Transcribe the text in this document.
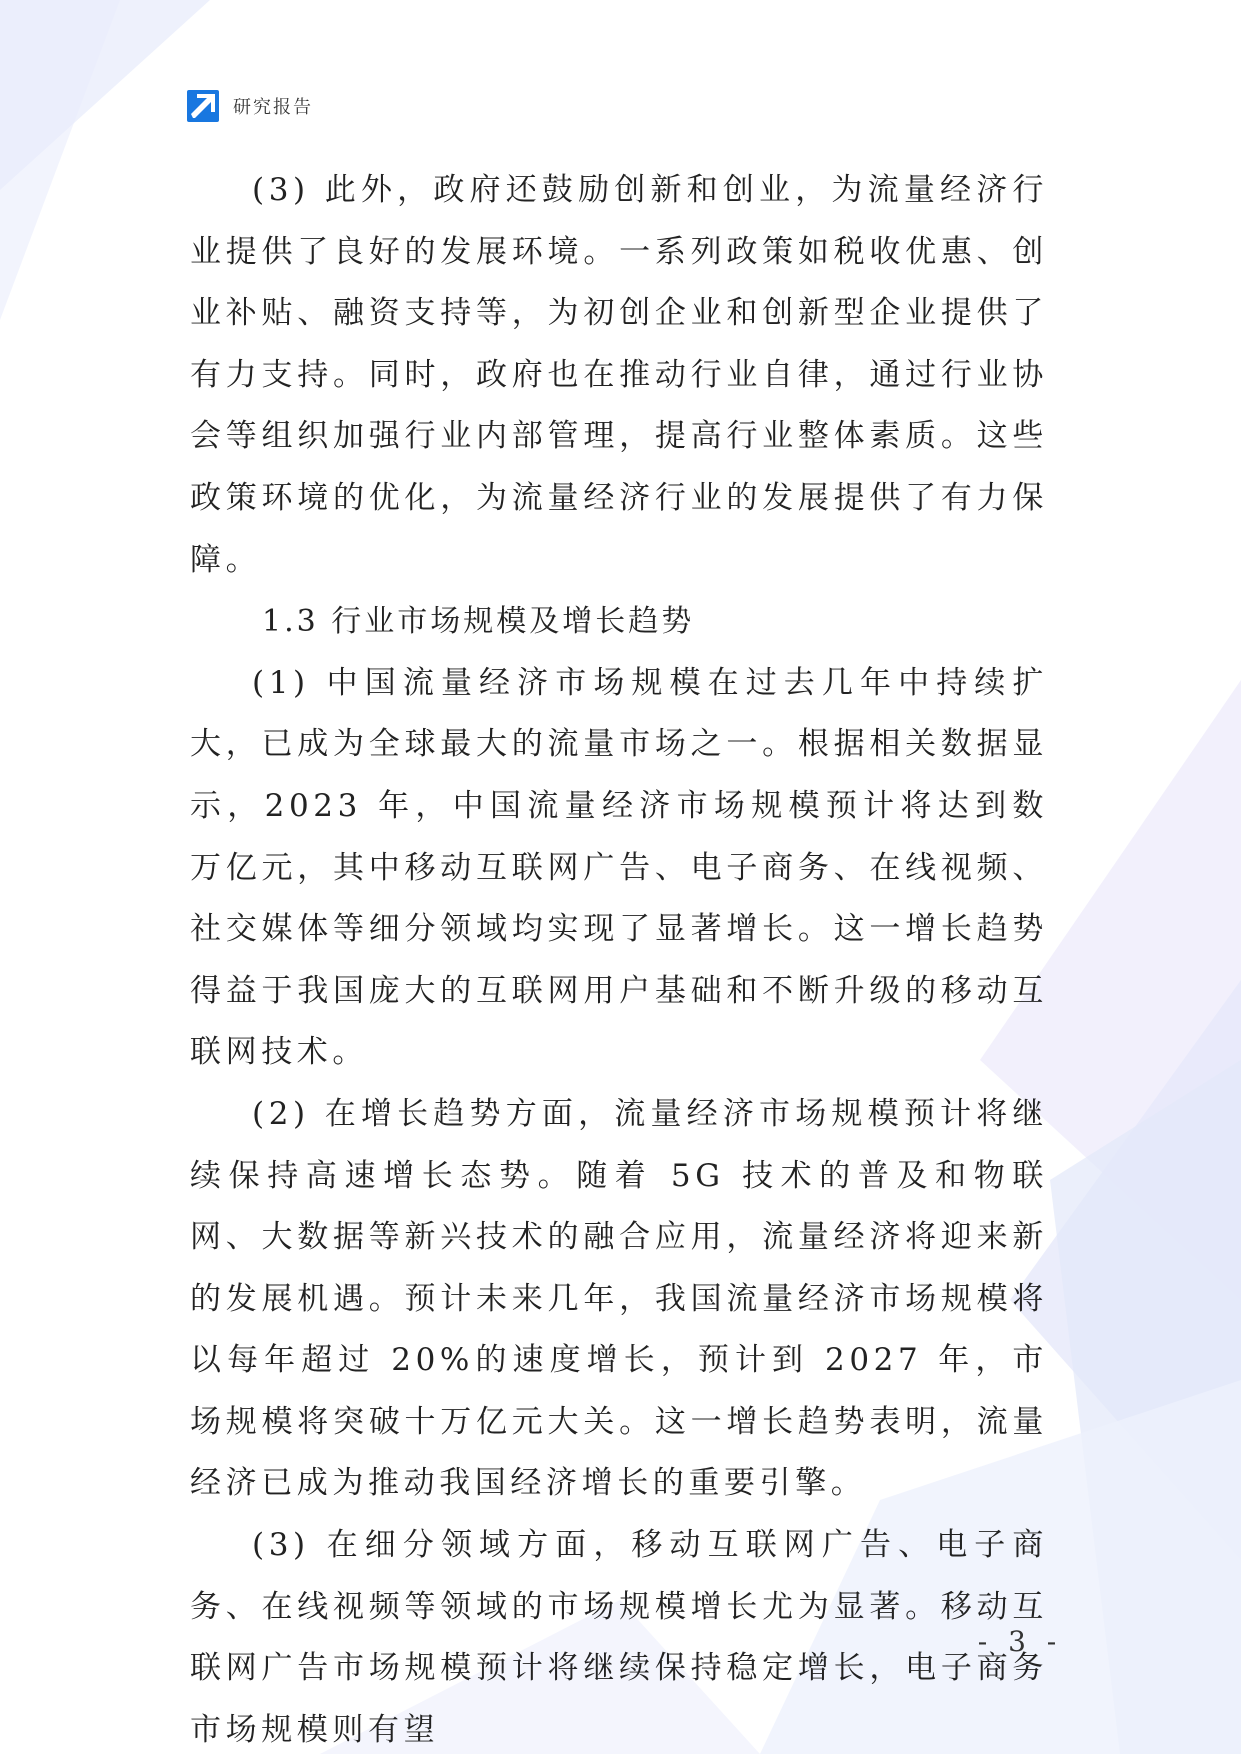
研究报告

(3) 此外，政府还鼓励创新和创业，为流量经济行业提供了良好的发展环境。一系列政策如税收优惠、创业补贴、融资支持等，为初创企业和创新型企业提供了有力支持。同时，政府也在推动行业自律，通过行业协会等组织加强行业内部管理，提高行业整体素质。这些政策环境的优化，为流量经济行业的发展提供了有力保障。

1.3 行业市场规模及增长趋势

(1) 中国流量经济市场规模在过去几年中持续扩大，已成为全球最大的流量市场之一。根据相关数据显示，2023 年，中国流量经济市场规模预计将达到数万亿元，其中移动互联网广告、电子商务、在线视频、社交媒体等细分领域均实现了显著增长。这一增长趋势得益于我国庞大的互联网用户基础和不断升级的移动互联网技术。

(2) 在增长趋势方面，流量经济市场规模预计将继续保持高速增长态势。随着 5G 技术的普及和物联网、大数据等新兴技术的融合应用，流量经济将迎来新的发展机遇。预计未来几年，我国流量经济市场规模将以每年超过 20%的速度增长，预计到 2027 年，市场规模将突破十万亿元大关。这一增长趋势表明，流量经济已成为推动我国经济增长的重要引擎。

(3) 在细分领域方面，移动互联网广告、电子商务、在线视频等领域的市场规模增长尤为显著。移动互联网广告市场规模预计将继续保持稳定增长，电子商务市场规模则有望

- 3 -
